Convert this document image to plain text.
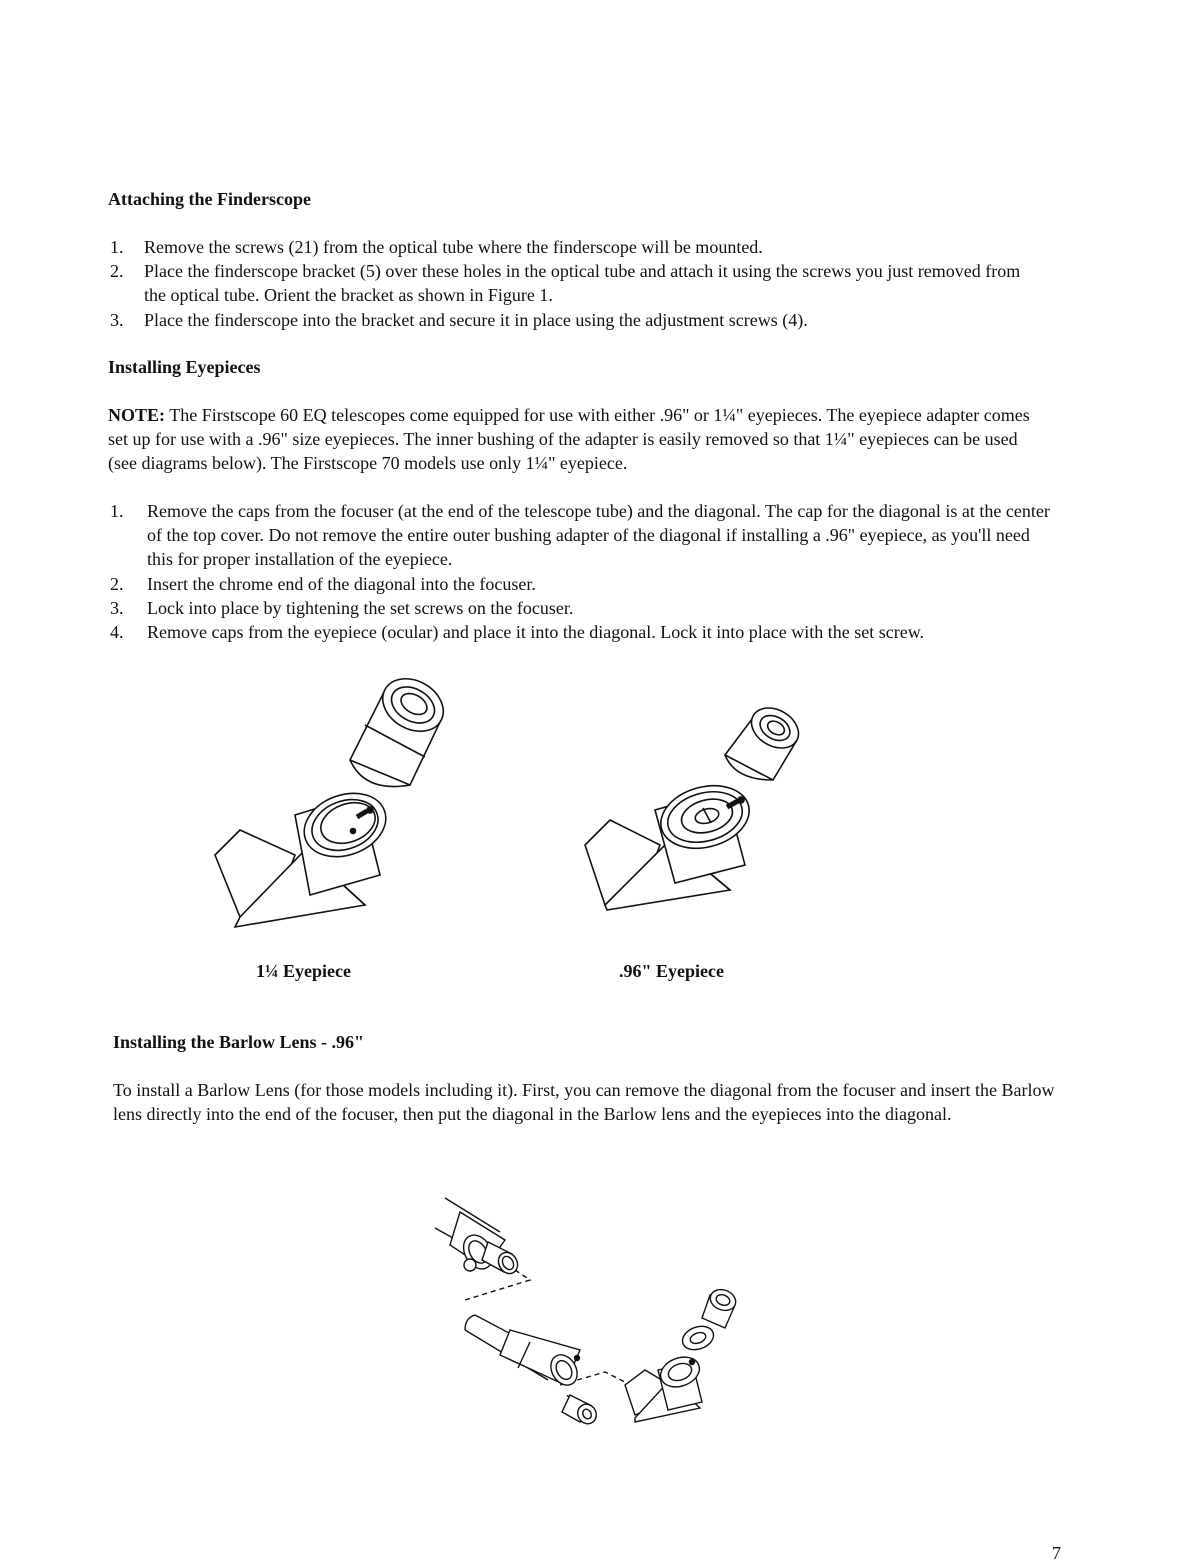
Attaching the Finderscope
1. Remove the screws (21) from the optical tube where the finderscope will be mounted.
2. Place the finderscope bracket (5) over these holes in the optical tube and attach it using the screws you just removed from the optical tube. Orient the bracket as shown in Figure 1.
3. Place the finderscope into the bracket and secure it in place using the adjustment screws (4).
Installing Eyepieces
NOTE: The Firstscope 60 EQ telescopes come equipped for use with either .96" or 1¼" eyepieces. The eyepiece adapter comes set up for use with a .96" size eyepieces. The inner bushing of the adapter is easily removed so that 1¼" eyepieces can be used (see diagrams below). The Firstscope 70 models use only 1¼" eyepiece.
1. Remove the caps from the focuser (at the end of the telescope tube) and the diagonal. The cap for the diagonal is at the center of the top cover. Do not remove the entire outer bushing adapter of the diagonal if installing a .96" eyepiece, as you'll need this for proper installation of the eyepiece.
2. Insert the chrome end of the diagonal into the focuser.
3. Lock into place by tightening the set screws on the focuser.
4. Remove caps from the eyepiece (ocular) and place it into the diagonal. Lock it into place with the set screw.
1¼ Eyepiece	.96" Eyepiece
Installing the Barlow Lens - .96"
To install a Barlow Lens (for those models including it). First, you can remove the diagonal from the focuser and insert the Barlow lens directly into the end of the focuser, then put the diagonal in the Barlow lens and the eyepieces into the diagonal.
7
